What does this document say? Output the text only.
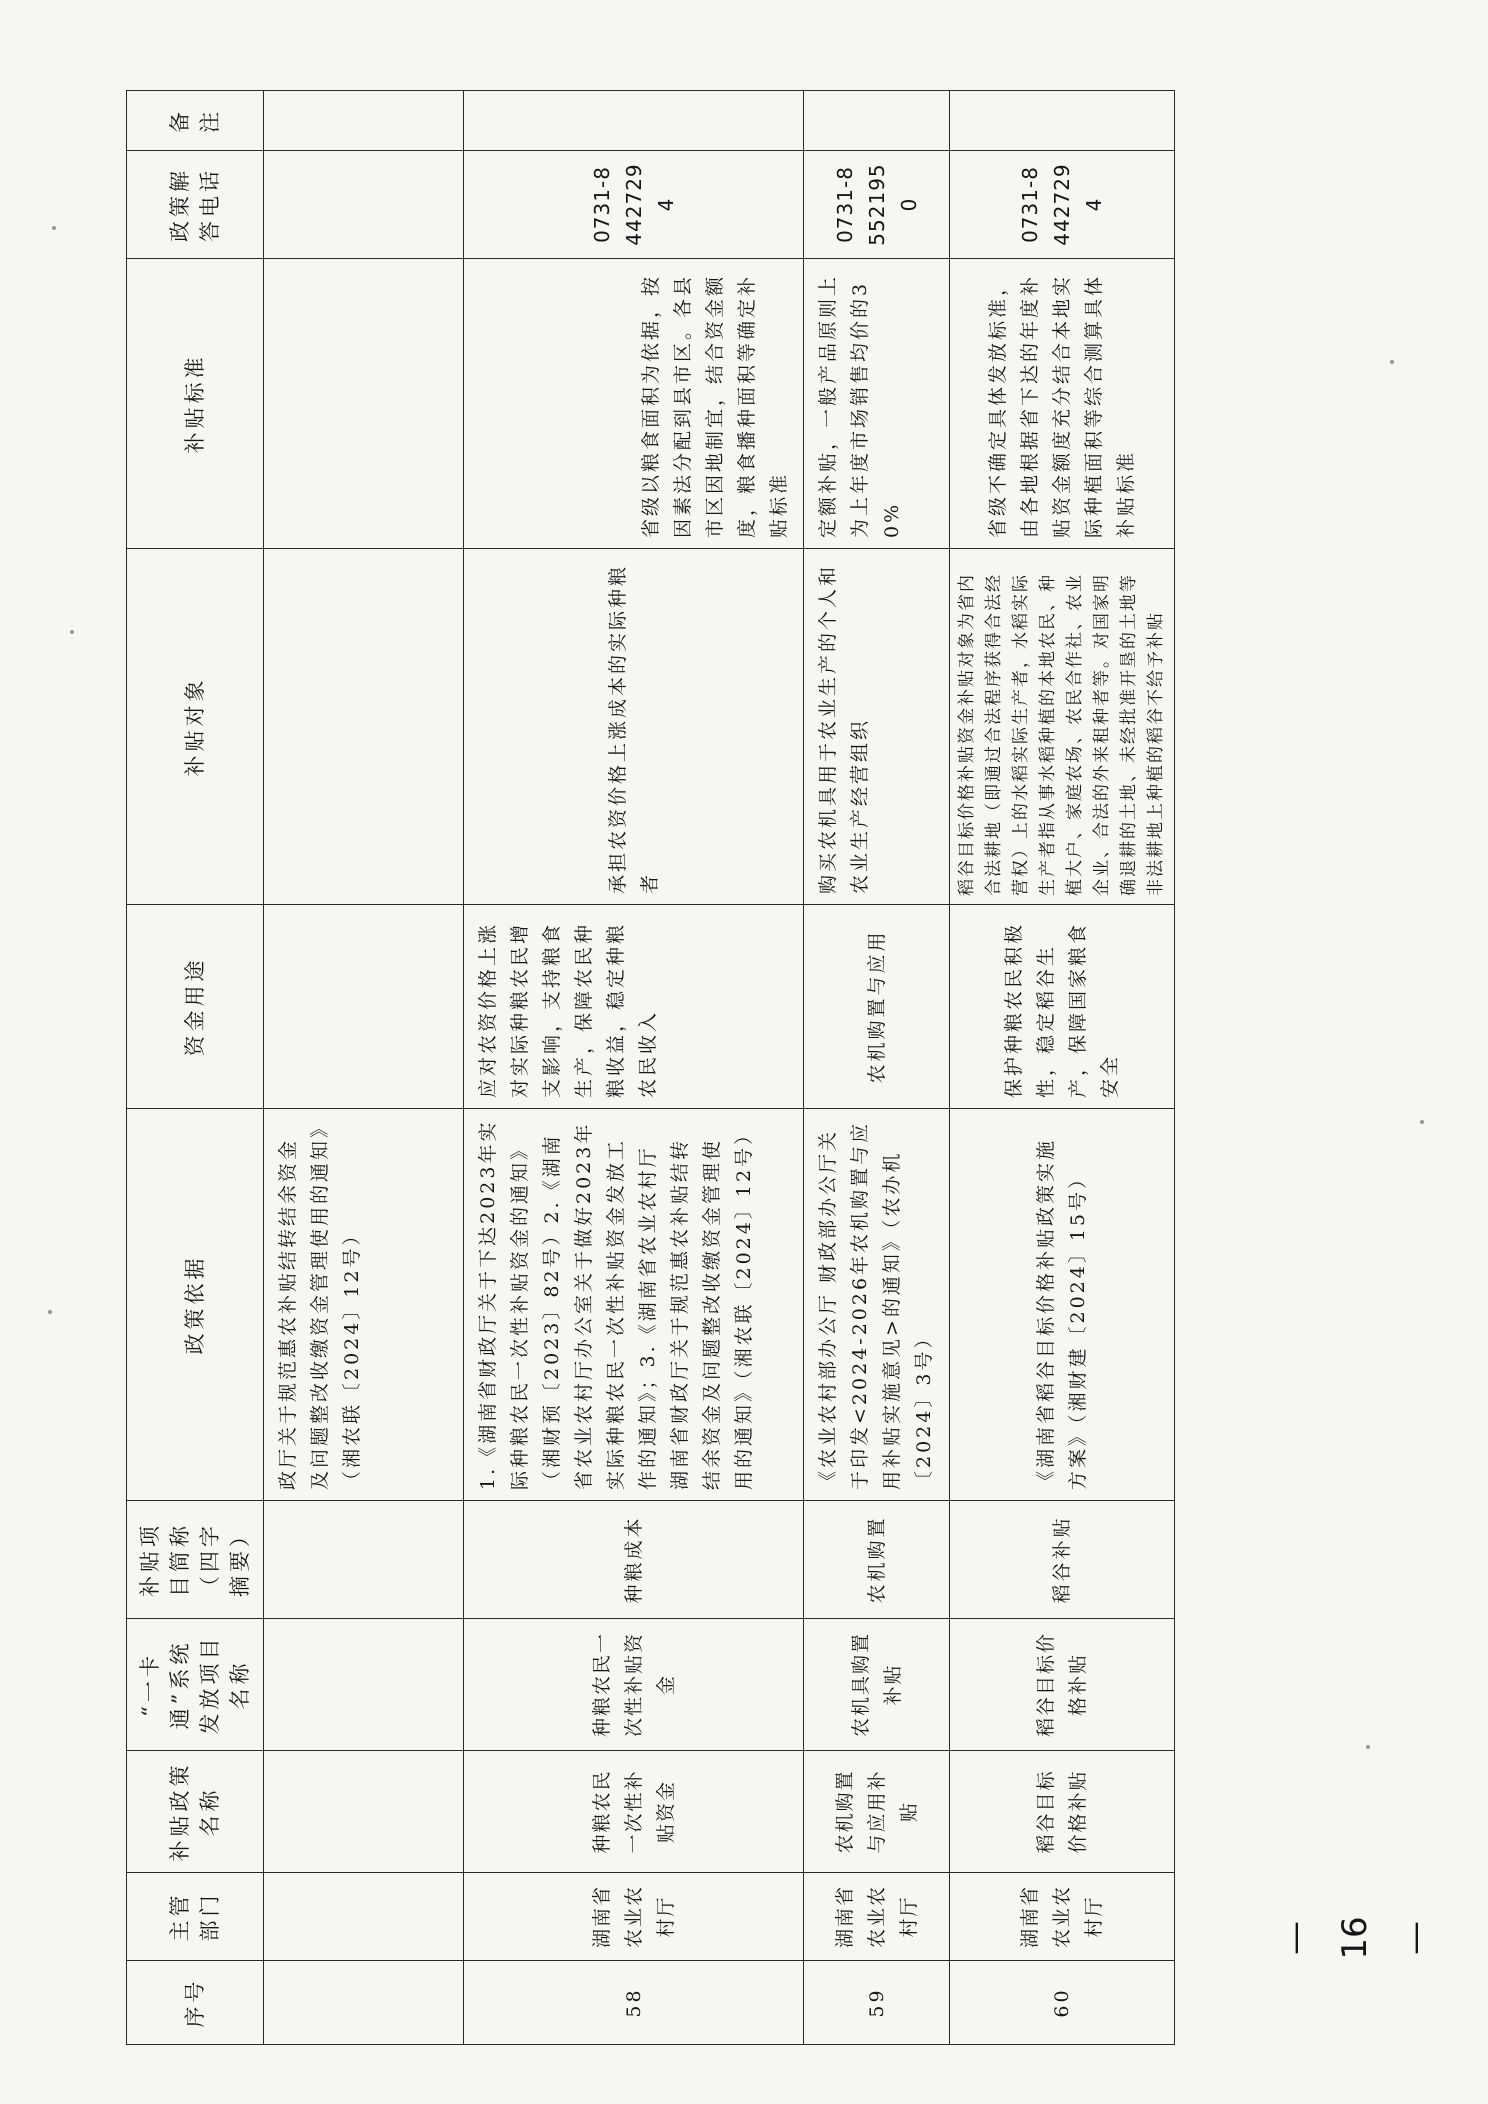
序号	主管部门	补贴政策名称	“一卡通”系统发放项目名称	补贴项目简称（四字摘要）	政策依据	资金用途	补贴对象	补贴标准	政策解答电话	备注
					政厅关于规范惠农补贴结转结余资金及问题整改收缴资金管理使用的通知》（湘农联〔2024〕12号）					
58	湖南省农业农村厅	种粮农民一次性补贴资金	种粮农民一次性补贴资金	种粮成本	1.《湖南省财政厅关于下达2023年实际种粮农民一次性补贴资金的通知》（湘财预〔2023〕82号）2.《湖南省农业农村厅办公室关于做好2023年实际种粮农民一次性补贴资金发放工作的通知》；3.《湖南省农业农村厅 湖南省财政厅关于规范惠农补贴结转结余资金及问题整改收缴资金管理使用的通知》（湘农联〔2024〕12号）	应对农资价格上涨对实际种粮农民增支影响，支持粮食生产，保障农民种粮收益，稳定种粮农民收入	承担农资价格上涨成本的实际种粮者	省级以粮食面积为依据，按因素法分配到县市区。各县市区因地制宜，结合资金额度，粮食播种面积等确定补贴标准	0731-84427294	
59	湖南省农业农村厅	农机购置与应用补贴	农机具购置补贴	农机购置	《农业农村部办公厅 财政部办公厅关于印发<2024-2026年农机购置与应用补贴实施意见>的通知》（农办机〔2024〕3号）	农机购置与应用	购买农机具用于农业生产的个人和农业生产经营组织	定额补贴，一般产品原则上为上年度市场销售均价的30%	0731-85521950	
60	湖南省农业农村厅	稻谷目标价格补贴	稻谷目标价格补贴	稻谷补贴	《湖南省稻谷目标价格补贴政策实施方案》（湘财建〔2024〕15号）	保护种粮农民积极性，稳定稻谷生产，保障国家粮食安全	稻谷目标价格补贴资金补贴对象为省内合法耕地（即通过合法程序获得合法经营权）上的水稻实际生产者，水稻实际生产者指从事水稻种植的本地农民、种植大户、家庭农场、农民合作社、农业企业、合法的外来租种者等。对国家明确退耕的土地、未经批准开垦的土地等非法耕地上种植的稻谷不给予补贴	省级不确定具体发放标准，由各地根据省下达的年度补贴资金额度充分结合本地实际种植面积等综合测算具体补贴标准	0731-84427294	
—16—
